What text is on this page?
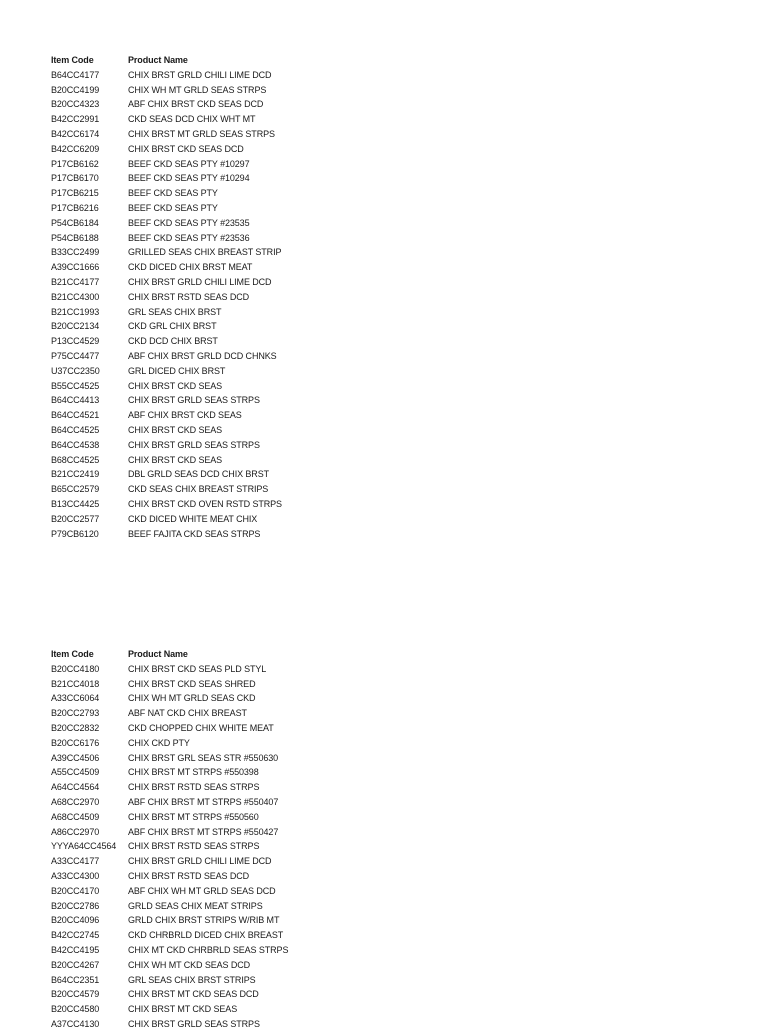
Item Code	Product Name
B64CC4177	CHIX BRST GRLD CHILI LIME DCD
B20CC4199	CHIX WH MT GRLD SEAS STRPS
B20CC4323	ABF CHIX BRST CKD SEAS DCD
B42CC2991	CKD SEAS DCD CHIX WHT MT
B42CC6174	CHIX BRST MT GRLD SEAS STRPS
B42CC6209	CHIX BRST CKD SEAS DCD
P17CB6162	BEEF CKD SEAS PTY #10297
P17CB6170	BEEF CKD SEAS PTY #10294
P17CB6215	BEEF CKD SEAS PTY
P17CB6216	BEEF CKD SEAS PTY
P54CB6184	BEEF CKD SEAS PTY #23535
P54CB6188	BEEF CKD SEAS PTY #23536
B33CC2499	GRILLED SEAS CHIX BREAST STRIP
A39CC1666	CKD DICED CHIX BRST MEAT
B21CC4177	CHIX BRST GRLD CHILI LIME DCD
B21CC4300	CHIX BRST RSTD SEAS DCD
B21CC1993	GRL SEAS CHIX BRST
B20CC2134	CKD GRL CHIX BRST
P13CC4529	CKD DCD CHIX BRST
P75CC4477	ABF CHIX BRST GRLD DCD CHNKS
U37CC2350	GRL DICED CHIX BRST
B55CC4525	CHIX BRST CKD SEAS
B64CC4413	CHIX BRST GRLD SEAS STRPS
B64CC4521	ABF CHIX BRST CKD SEAS
B64CC4525	CHIX BRST CKD SEAS
B64CC4538	CHIX BRST GRLD SEAS STRPS
B68CC4525	CHIX BRST CKD SEAS
B21CC2419	DBL GRLD SEAS DCD CHIX BRST
B65CC2579	CKD SEAS CHIX BREAST STRIPS
B13CC4425	CHIX BRST CKD OVEN RSTD STRPS
B20CC2577	CKD DICED WHITE MEAT CHIX
P79CB6120	BEEF FAJITA CKD SEAS STRPS
Item Code	Product Name
B20CC4180	CHIX BRST CKD SEAS PLD STYL
B21CC4018	CHIX BRST CKD SEAS SHRED
A33CC6064	CHIX WH MT GRLD SEAS CKD
B20CC2793	ABF NAT CKD CHIX BREAST
B20CC2832	CKD CHOPPED CHIX WHITE MEAT
B20CC6176	CHIX CKD PTY
A39CC4506	CHIX BRST GRL SEAS STR #550630
A55CC4509	CHIX BRST MT STRPS #550398
A64CC4564	CHIX BRST RSTD SEAS STRPS
A68CC2970	ABF CHIX BRST MT STRPS #550407
A68CC4509	CHIX BRST MT STRPS #550560
A86CC2970	ABF CHIX BRST MT STRPS #550427
YYYA64CC4564	CHIX BRST RSTD SEAS STRPS
A33CC4177	CHIX BRST GRLD CHILI LIME DCD
A33CC4300	CHIX BRST RSTD SEAS DCD
B20CC4170	ABF CHIX WH MT GRLD SEAS DCD
B20CC2786	GRLD SEAS CHIX MEAT STRIPS
B20CC4096	GRLD CHIX BRST STRIPS W/RIB MT
B42CC2745	CKD CHRBRLD DICED CHIX BREAST
B42CC4195	CHIX MT CKD CHRBRLD SEAS STRPS
B20CC4267	CHIX WH MT CKD SEAS DCD
B64CC2351	GRL SEAS CHIX BRST STRIPS
B20CC4579	CHIX BRST MT CKD SEAS DCD
B20CC4580	CHIX BRST MT CKD SEAS
A37CC4130	CHIX BRST GRLD SEAS STRPS
